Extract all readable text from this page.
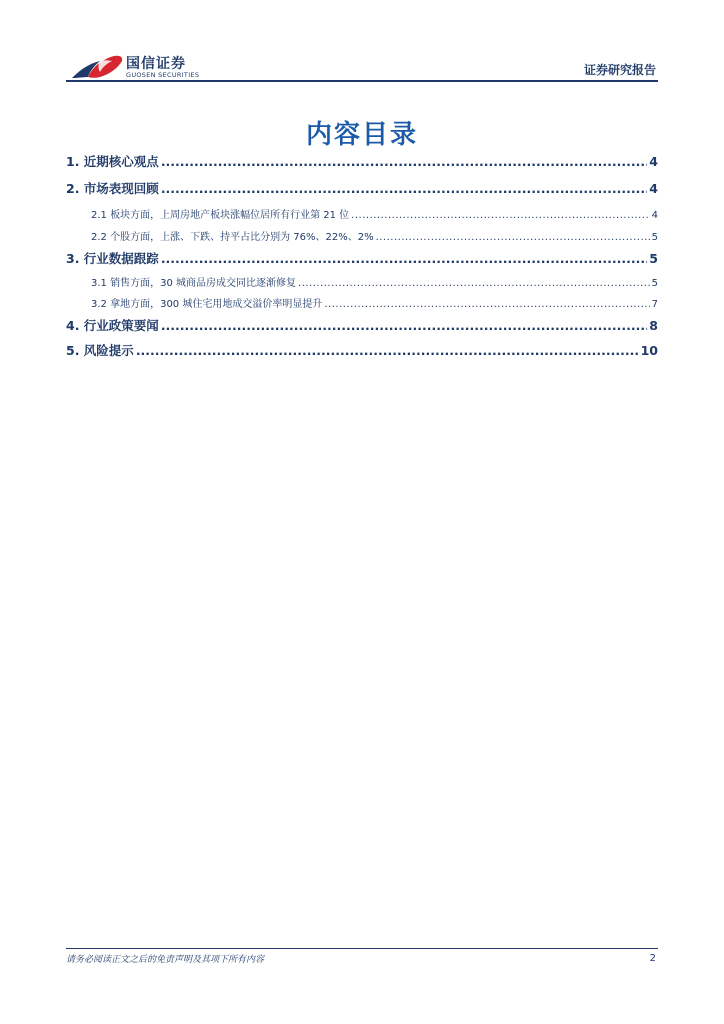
国信证券
GUOSEN SECURITIES	证券研究报告
内容目录
1. 近期核心观点 .....	4
2. 市场表现回顾 .....	4
2.1 板块方面，上周房地产板块涨幅位居所有行业第 21 位 .....	4
2.2 个股方面，上涨、下跌、持平占比分别为 76%、22%、2% .....	5
3. 行业数据跟踪 .....	5
3.1 销售方面，30 城商品房成交同比逐渐修复 .....	5
3.2 拿地方面，300 城住宅用地成交溢价率明显提升 .....	7
4. 行业政策要闻 .....	8
5. 风险提示 .....	10
请务必阅读正文之后的免责声明及其项下所有内容	2
